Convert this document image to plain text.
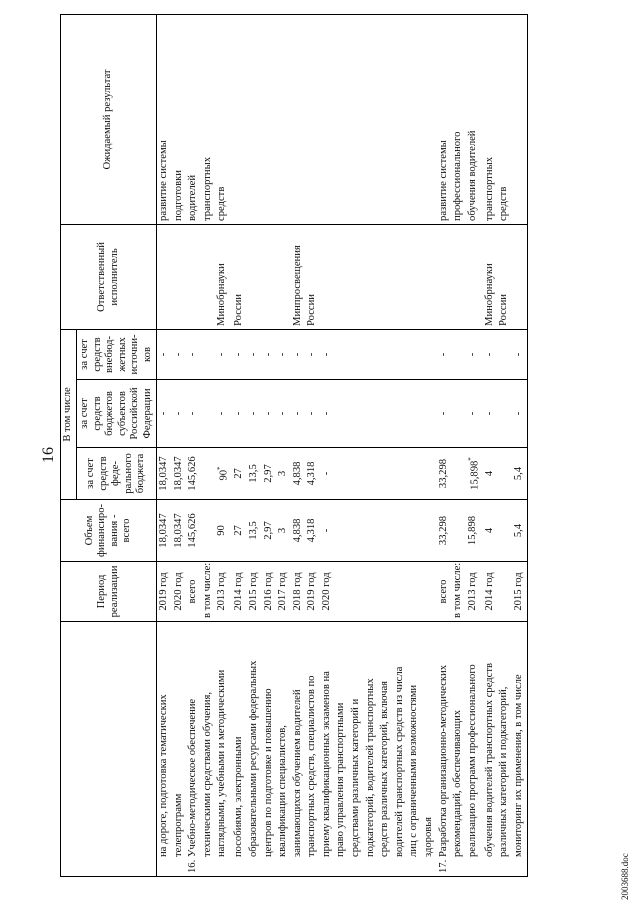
16
	Период реализации	Объем финансиро-вания - всего	В том числе			Ответственный исполнитель	Ожидаемый результат
			за счет средств феде-рального бюджета	за счет средств бюджетов субъектов Российской Федерации	за счет средств внебюд-жетных источни-ков		
на дороге, подготовка тематических	2019 год	18,0347	18,0347	-	-		развитие системы
телепрограмм	2020 год	18,0347	18,0347	-	-		подготовки
16.Учебно-методическое обеспечение	всего	145,626	145,626	-	-		водителей
техническими средствами обучения,	в том числе:						транспортных
наглядными, учебными и методическими	2013 год	90	90*	-	-	Минобрнауки	средств
пособиями, электронными	2014 год	27	27	-	-	России	
образовательными ресурсами федеральных	2015 год	13,5	13,5	-	-		
центров по подготовке и повышению	2016 год	2,97	2,97	-	-		
квалификации специалистов,	2017 год	3	3	-	-		
занимающихся обучением водителей	2018 год	4,838	4,838	-	-	Минпросвещения	
транспортных средств, специалистов по	2019 год	4,318	4,318	-	-	России	
приему квалификационных экзаменов на	2020 год	-	-	-	-		
право управления транспортными							
средствами различных категорий и							
подкатегорий, водителей транспортных							
средств различных категорий, включая							
водителей транспортных средств из числа							
лиц с ограниченными возможностями							
здоровья							
17.Разработка организационно-методических	всего	33,298	33,298	-	-		развитие системы
рекомендаций, обеспечивающих	в том числе:						профессионального
реализацию программ профессионального	2013 год	15,898	15,898*	-	-		обучения водителей
обучения водителей транспортных средств	2014 год	4	4	-	-	Минобрнауки	транспортных
различных категорий и подкатегорий,						России	средств
мониторинг их применения, в том числе	2015 год	5,4	5,4	-	-		
2003688.doc
